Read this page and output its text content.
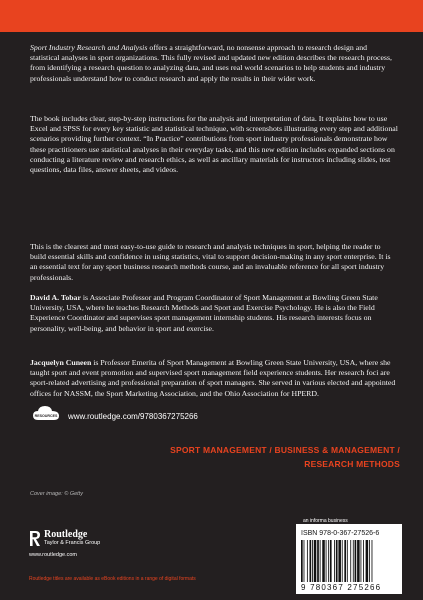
Sport Industry Research and Analysis offers a straightforward, no nonsense approach to research design and statistical analyses in sport organizations. This fully revised and updated new edition describes the research process, from identifying a research question to analyzing data, and uses real world scenarios to help students and industry professionals understand how to conduct research and apply the results in their wider work.

The book includes clear, step-by-step instructions for the analysis and interpretation of data. It explains how to use Excel and SPSS for every key statistic and statistical technique, with screenshots illustrating every step and additional scenarios providing further context. “In Practice” contributions from sport industry professionals demonstrate how these practitioners use statistical analyses in their everyday tasks, and this new edition includes expanded sections on conducting a literature review and research ethics, as well as ancillary materials for instructors including slides, test questions, data files, answer sheets, and videos.

This is the clearest and most easy-to-use guide to research and analysis techniques in sport, helping the reader to build essential skills and confidence in using statistics, vital to support decision-making in any sport enterprise. It is an essential text for any sport business research methods course, and an invaluable reference for all sport industry professionals.

David A. Tobar is Associate Professor and Program Coordinator of Sport Management at Bowling Green State University, USA, where he teaches Research Methods and Sport and Exercise Psychology. He is also the Field Experience Coordinator and supervises sport management internship students. His research interests focus on personality, well-being, and behavior in sport and exercise.

Jacquelyn Cuneen is Professor Emerita of Sport Management at Bowling Green State University, USA, where she taught sport and event promotion and supervised sport management field experience students. Her research foci are sport-related advertising and professional preparation of sport managers. She served in various elected and appointed offices for NASSM, the Sport Marketing Association, and the Ohio Association for HPERD.

RESOURCES www.routledge.com/9780367275266
SPORT MANAGEMENT / BUSINESS & MANAGEMENT /
RESEARCH METHODS
Cover image: © Getty
Routledge
Taylor & Francis Group
www.routledge.com
Routledge titles are available as eBook editions in a range of digital formats
an informa business
ISBN 978-0-367-27526-6
9 780367 275266
